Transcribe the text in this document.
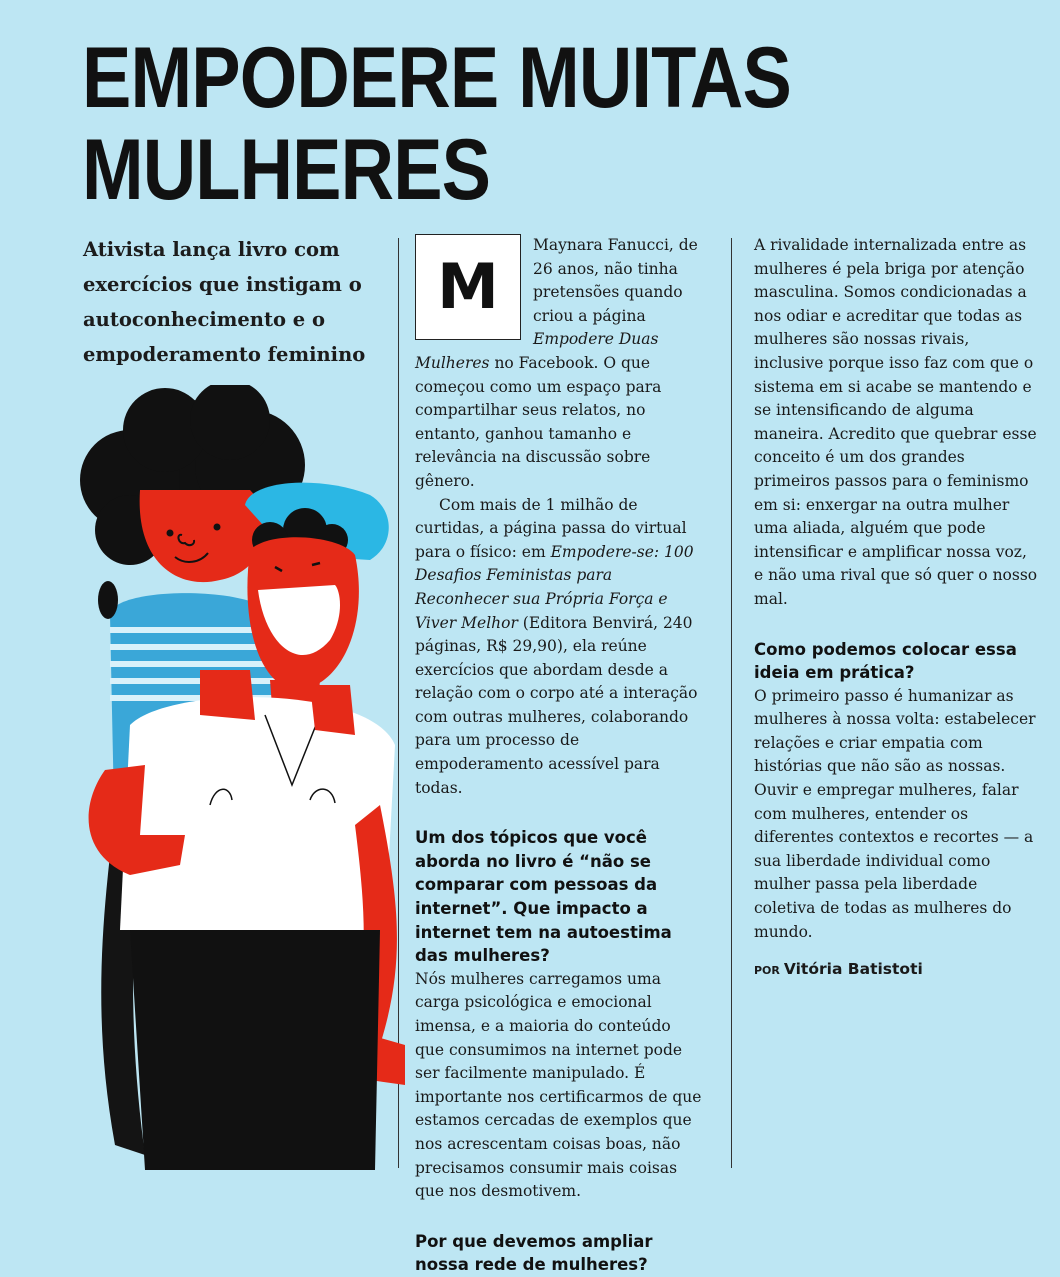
EMPODERE MUITAS
MULHERES

Ativista lança livro com exercícios que instigam o autoconhecimento e o empoderamento feminino

M

Maynara Fanucci, de 26 anos, não tinha pretensões quando criou a página Empodere Duas Mulheres no Facebook. O que começou como um espaço para compartilhar seus relatos, no entanto, ganhou tamanho e relevância na discussão sobre gênero.

Com mais de 1 milhão de curtidas, a página passa do virtual para o físico: em Empodere-se: 100 Desafios Feministas para Reconhecer sua Própria Força e Viver Melhor (Editora Benvirá, 240 páginas, R$ 29,90), ela reúne exercícios que abordam desde a relação com o corpo até a interação com outras mulheres, colaborando para um processo de empoderamento acessível para todas.

Um dos tópicos que você aborda no livro é “não se comparar com pessoas da internet”. Que impacto a internet tem na autoestima das mulheres?

Nós mulheres carregamos uma carga psicológica e emocional imensa, e a maioria do conteúdo que consumimos na internet pode ser facilmente manipulado. É importante nos certificarmos de que estamos cercadas de exemplos que nos acrescentam coisas boas, não precisamos consumir mais coisas que nos desmotivem.

Por que devemos ampliar nossa rede de mulheres?

A rivalidade internalizada entre as mulheres é pela briga por atenção masculina. Somos condicionadas a nos odiar e acreditar que todas as mulheres são nossas rivais, inclusive porque isso faz com que o sistema em si acabe se mantendo e se intensificando de alguma maneira. Acredito que quebrar esse conceito é um dos grandes primeiros passos para o feminismo em si: enxergar na outra mulher uma aliada, alguém que pode intensificar e amplificar nossa voz, e não uma rival que só quer o nosso mal.

Como podemos colocar essa ideia em prática?

O primeiro passo é humanizar as mulheres à nossa volta: estabelecer relações e criar empatia com histórias que não são as nossas. Ouvir e empregar mulheres, falar com mulheres, entender os diferentes contextos e recortes — a sua liberdade individual como mulher passa pela liberdade coletiva de todas as mulheres do mundo.

POR Vitória Batistoti
